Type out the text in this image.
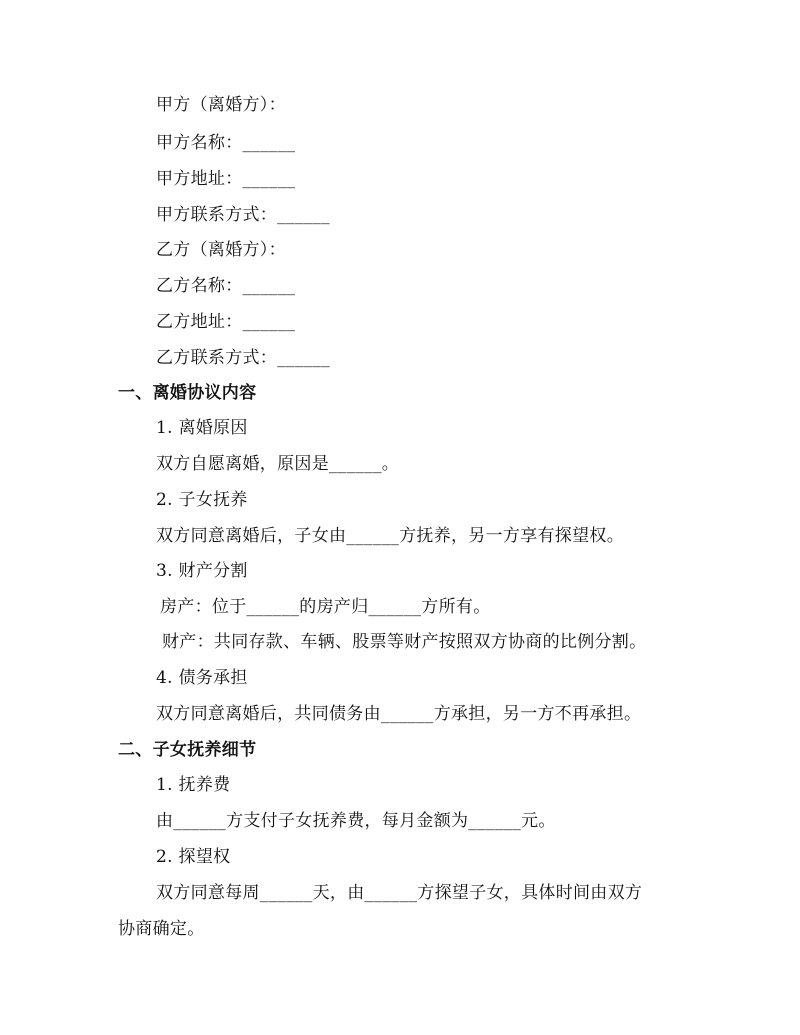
甲方（离婚方）：
甲方名称：______
甲方地址：______
甲方联系方式：______
乙方（离婚方）：
乙方名称：______
乙方地址：______
乙方联系方式：______
一、离婚协议内容
1. 离婚原因
双方自愿离婚，原因是______。
2. 子女抚养
双方同意离婚后，子女由______方抚养，另一方享有探望权。
3. 财产分割
房产：位于______的房产归______方所有。
财产：共同存款、车辆、股票等财产按照双方协商的比例分割。
4. 债务承担
双方同意离婚后，共同债务由______方承担，另一方不再承担。
二、子女抚养细节
1. 抚养费
由______方支付子女抚养费，每月金额为______元。
2. 探望权
双方同意每周______天，由______方探望子女，具体时间由双方
协商确定。
